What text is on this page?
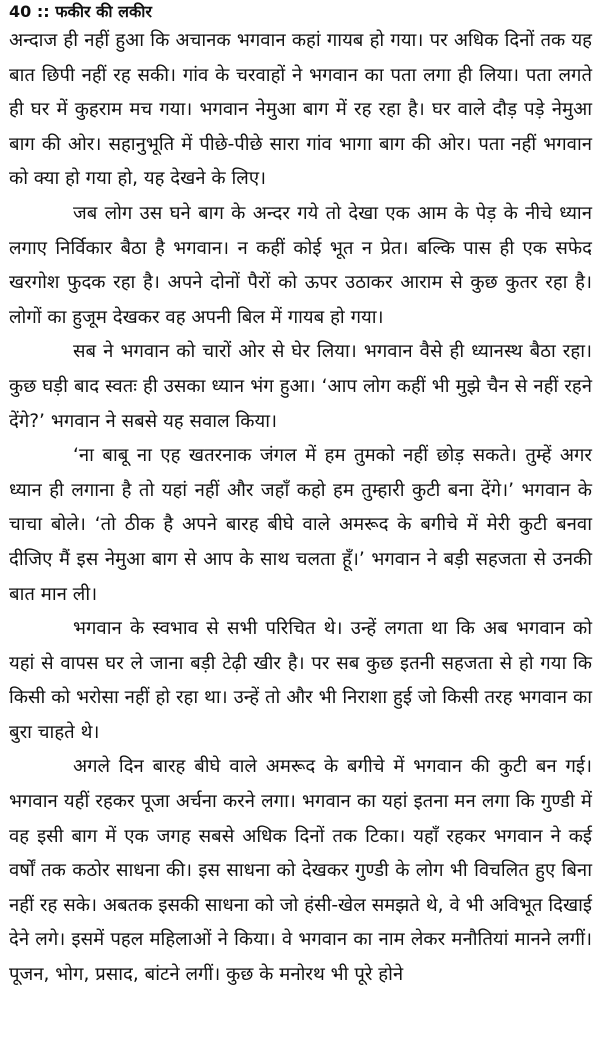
40 :: फकीर की लकीर

अन्दाज ही नहीं हुआ कि अचानक भगवान कहां गायब हो गया। पर अधिक दिनों तक यह बात छिपी नहीं रह सकी। गांव के चरवाहों ने भगवान का पता लगा ही लिया। पता लगते ही घर में कुहराम मच गया। भगवान नेमुआ बाग में रह रहा है। घर वाले दौड़ पड़े नेमुआ बाग की ओर। सहानुभूति में पीछे-पीछे सारा गांव भागा बाग की ओर। पता नहीं भगवान को क्या हो गया हो, यह देखने के लिए।

जब लोग उस घने बाग के अन्दर गये तो देखा एक आम के पेड़ के नीचे ध्यान लगाए निर्विकार बैठा है भगवान। न कहीं कोई भूत न प्रेत। बल्कि पास ही एक सफेद खरगोश फुदक रहा है। अपने दोनों पैरों को ऊपर उठाकर आराम से कुछ कुतर रहा है। लोगों का हुजूम देखकर वह अपनी बिल में गायब हो गया।

सब ने भगवान को चारों ओर से घेर लिया। भगवान वैसे ही ध्यानस्थ बैठा रहा। कुछ घड़ी बाद स्वतः ही उसका ध्यान भंग हुआ। ‘आप लोग कहीं भी मुझे चैन से नहीं रहने देंगे?’ भगवान ने सबसे यह सवाल किया।

‘ना बाबू ना एह खतरनाक जंगल में हम तुमको नहीं छोड़ सकते। तुम्हें अगर ध्यान ही लगाना है तो यहां नहीं और जहाँ कहो हम तुम्हारी कुटी बना देंगे।’ भगवान के चाचा बोले। ‘तो ठीक है अपने बारह बीघे वाले अमरूद के बगीचे में मेरी कुटी बनवा दीजिए मैं इस नेमुआ बाग से आप के साथ चलता हूँ।’ भगवान ने बड़ी सहजता से उनकी बात मान ली।

भगवान के स्वभाव से सभी परिचित थे। उन्हें लगता था कि अब भगवान को यहां से वापस घर ले जाना बड़ी टेढ़ी खीर है। पर सब कुछ इतनी सहजता से हो गया कि किसी को भरोसा नहीं हो रहा था। उन्हें तो और भी निराशा हुई जो किसी तरह भगवान का बुरा चाहते थे।

अगले दिन बारह बीघे वाले अमरूद के बगीचे में भगवान की कुटी बन गई। भगवान यहीं रहकर पूजा अर्चना करने लगा। भगवान का यहां इतना मन लगा कि गुण्डी में वह इसी बाग में एक जगह सबसे अधिक दिनों तक टिका। यहाँ रहकर भगवान ने कई वर्षों तक कठोर साधना की। इस साधना को देखकर गुण्डी के लोग भी विचलित हुए बिना नहीं रह सके। अबतक इसकी साधना को जो हंसी-खेल समझते थे, वे भी अविभूत दिखाई देने लगे। इसमें पहल महिलाओं ने किया। वे भगवान का नाम लेकर मनौतियां मानने लगीं। पूजन, भोग, प्रसाद, बांटने लगीं। कुछ के मनोरथ भी पूरे होने
